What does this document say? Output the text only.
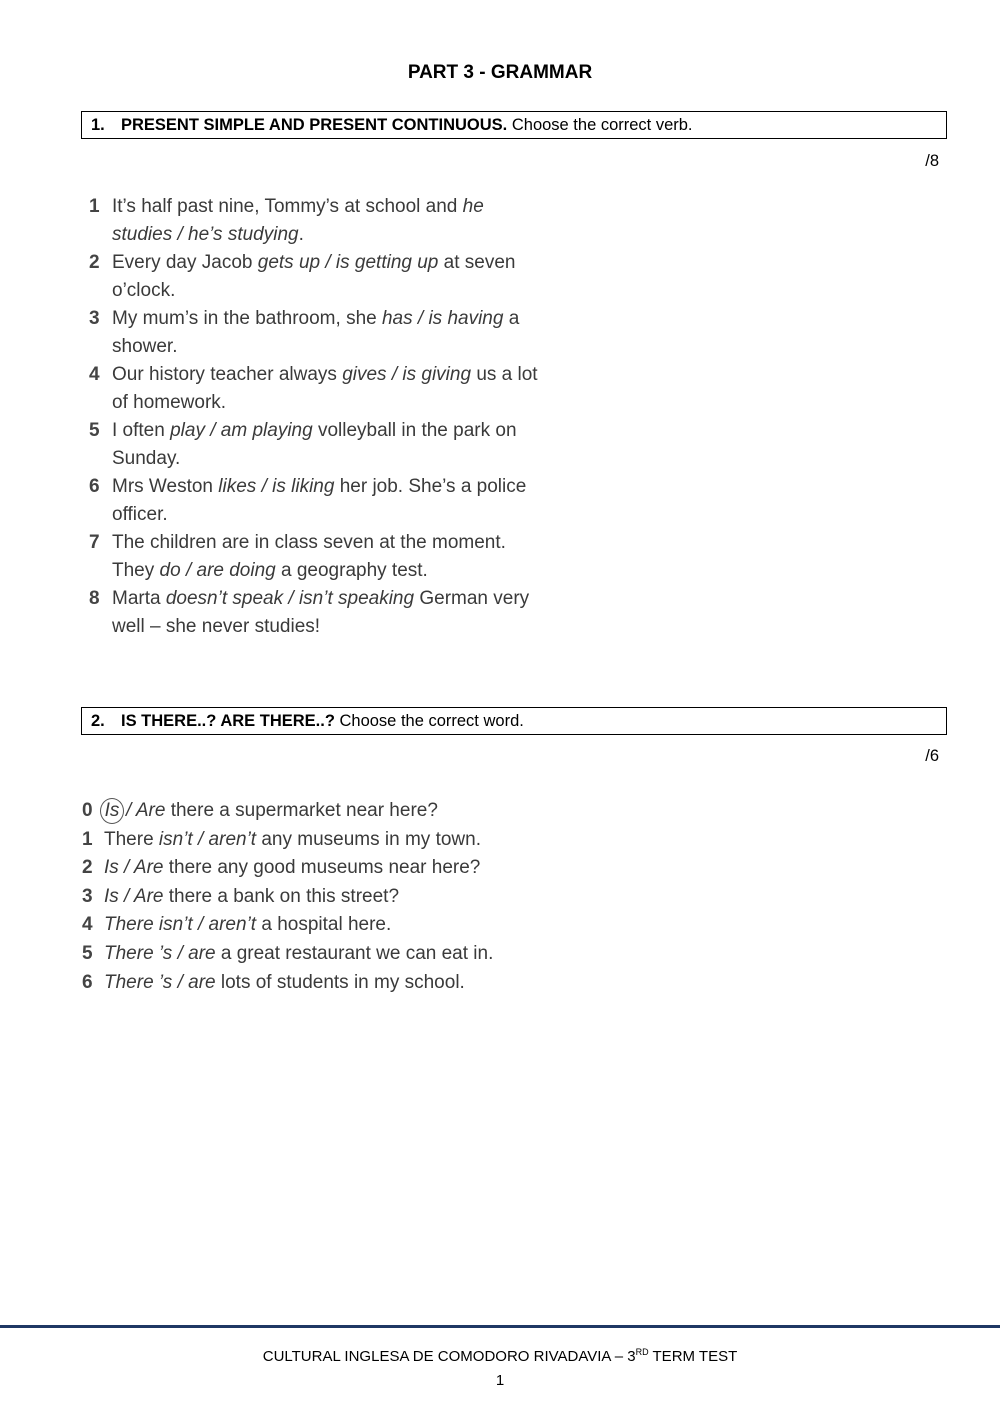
PART 3 - GRAMMAR
1. PRESENT SIMPLE AND PRESENT CONTINUOUS. Choose the correct verb.
/8
1 It’s half past nine, Tommy’s at school and he studies / he’s studying.
2 Every day Jacob gets up / is getting up at seven o’clock.
3 My mum’s in the bathroom, she has / is having a shower.
4 Our history teacher always gives / is giving us a lot of homework.
5 I often play / am playing volleyball in the park on Sunday.
6 Mrs Weston likes / is liking her job. She’s a police officer.
7 The children are in class seven at the moment. They do / are doing a geography test.
8 Marta doesn’t speak / isn’t speaking German very well – she never studies!
2. IS THERE..? ARE THERE..? Choose the correct word.
/6
0 Is / Are there a supermarket near here?
1 There isn’t / aren’t any museums in my town.
2 Is / Are there any good museums near here?
3 Is / Are there a bank on this street?
4 There isn’t / aren’t a hospital here.
5 There ’s / are a great restaurant we can eat in.
6 There ’s / are lots of students in my school.
CULTURAL INGLESA DE COMODORO RIVADAVIA – 3RD TERM TEST
1
